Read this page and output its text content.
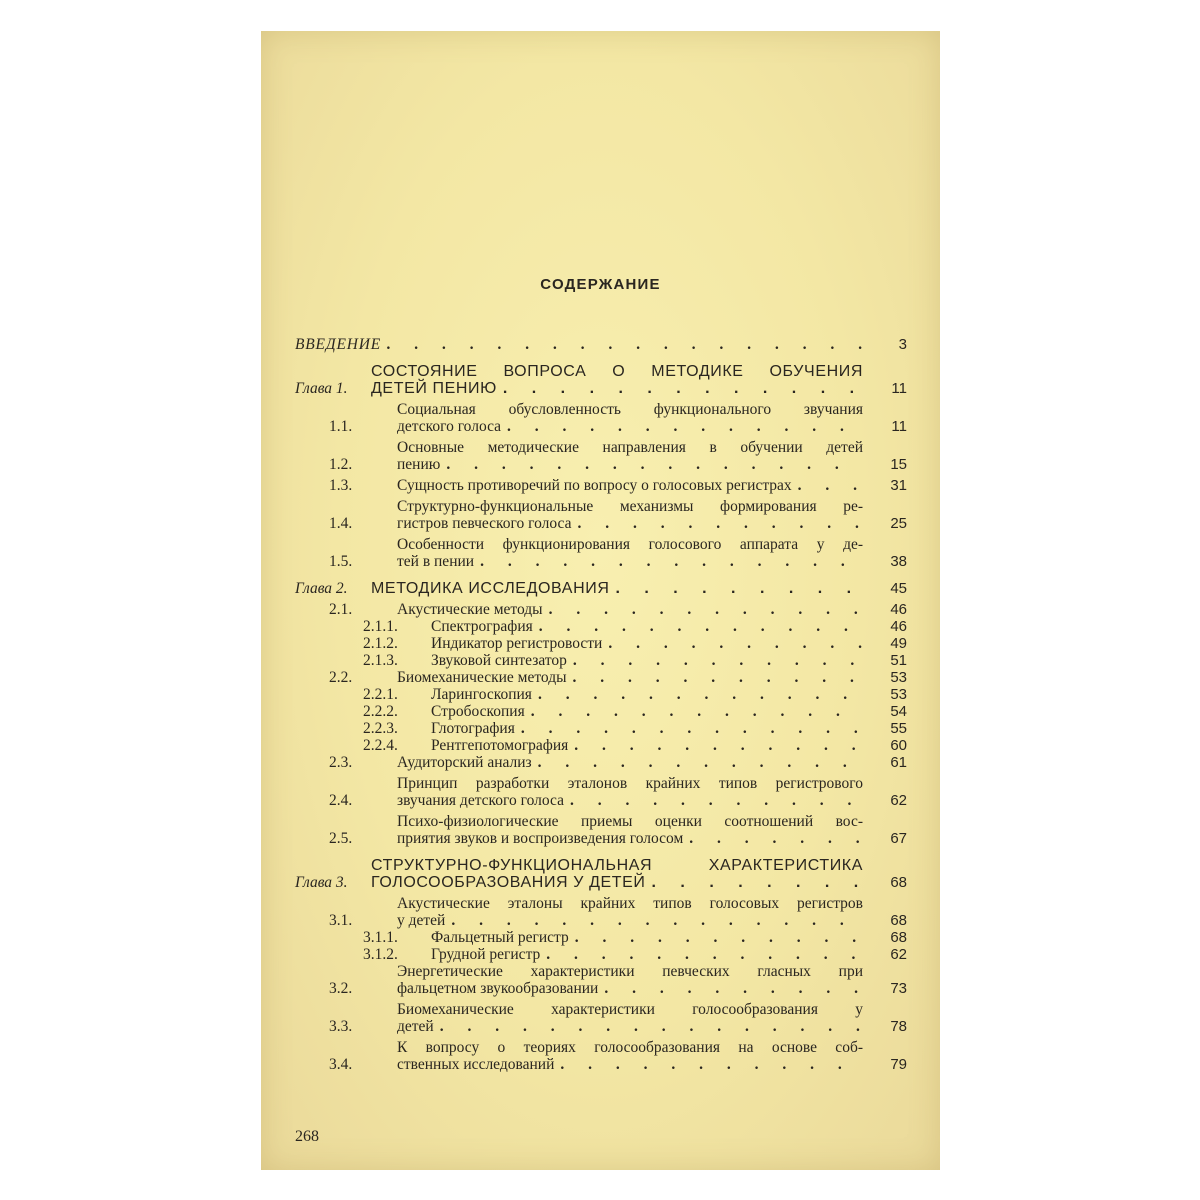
СОДЕРЖАНИЕ
ВВЕДЕНИЕ . . .	3
Глава 1.
СОСТОЯНИЕ ВОПРОСА О МЕТОДИКЕ ОБУЧЕНИЯ
ДЕТЕЙ ПЕНИЮ . . .	11
1.1.
Социальная обусловленность функционального звучания
детского голоса . . .	11
1.2.
Основные методические направления в обучении детей
пению . . .	15
1.3.	Сущность противоречий по вопросу о голосовых регистрах . . .	31
1.4.
Структурно-функциональные механизмы формирования ре-
гистров певческого голоса . . .	25
1.5.
Особенности функционирования голосового аппарата у де-
тей в пении . . .	38
Глава 2.	МЕТОДИКА ИССЛЕДОВАНИЯ . . .	45
2.1.	Акустические методы . . .	46
2.1.1.	Спектрография . . .	46
2.1.2.	Индикатор регистровости . . .	49
2.1.3.	Звуковой синтезатор . . .	51
2.2.	Биомеханические методы . . .	53
2.2.1.	Ларингоскопия . . .	53
2.2.2.	Стробоскопия . . .	54
2.2.3.	Глотография . . .	55
2.2.4.	Рентгепотомография . . .	60
2.3.	Аудиторский анализ . . .	61
2.4.
Принцип разработки эталонов крайних типов регистрового
звучания детского голоса . . .	62
2.5.
Психо-физиологические приемы оценки соотношений вос-
приятия звуков и воспроизведения голосом . . .	67
Глава 3.
СТРУКТУРНО-ФУНКЦИОНАЛЬНАЯ ХАРАКТЕРИСТИКА
ГОЛОСООБРАЗОВАНИЯ У ДЕТЕЙ . . .	68
3.1.
Акустические эталоны крайних типов голосовых регистров
у детей . . .	68
3.1.1.	Фальцетный регистр . . .	68
3.1.2.	Грудной регистр . . .	62
3.2.
Энергетические характеристики певческих гласных при
фальцетном звукообразовании . . .	73
3.3.
Биомеханические характеристики голосообразования у
детей . . .	78
3.4.
К вопросу о теориях голосообразования на основе соб-
ственных исследований . . .	79
268
